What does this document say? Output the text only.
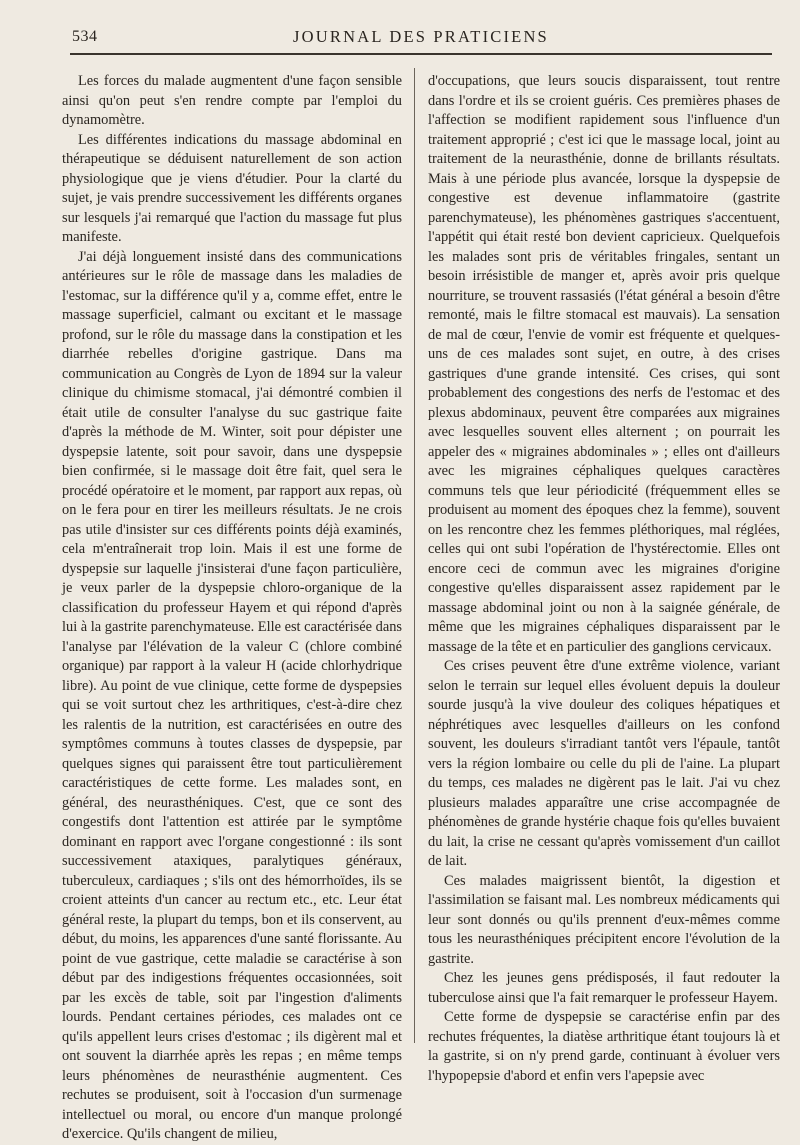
534	JOURNAL DES PRATICIENS

Les forces du malade augmentent d'une façon sensible ainsi qu'on peut s'en rendre compte par l'emploi du dynamomètre.

Les différentes indications du massage abdominal en thérapeutique se déduisent naturellement de son action physiologique que je viens d'étudier. Pour la clarté du sujet, je vais prendre successivement les différents organes sur lesquels j'ai remarqué que l'action du massage fut plus manifeste.

J'ai déjà longuement insisté dans des communications antérieures sur le rôle de massage dans les maladies de l'estomac, sur la différence qu'il y a, comme effet, entre le massage superficiel, calmant ou excitant et le massage profond, sur le rôle du massage dans la constipation et les diarrhée rebelles d'origine gastrique. Dans ma communication au Congrès de Lyon de 1894 sur la valeur clinique du chimisme stomacal, j'ai démontré combien il était utile de consulter l'analyse du suc gastrique faite d'après la méthode de M. Winter, soit pour dépister une dyspepsie latente, soit pour savoir, dans une dyspepsie bien confirmée, si le massage doit être fait, quel sera le procédé opératoire et le moment, par rapport aux repas, où on le fera pour en tirer les meilleurs résultats. Je ne crois pas utile d'insister sur ces différents points déjà examinés, cela m'entraînerait trop loin. Mais il est une forme de dyspepsie sur laquelle j'insisterai d'une façon particulière, je veux parler de la dyspepsie chloro-organique de la classification du professeur Hayem et qui répond d'après lui à la gastrite parenchymateuse. Elle est caractérisée dans l'analyse par l'élévation de la valeur C (chlore combiné organique) par rapport à la valeur H (acide chlorhydrique libre). Au point de vue clinique, cette forme de dyspepsies qui se voit surtout chez les arthritiques, c'est-à-dire chez les ralentis de la nutrition, est caractérisées en outre des symptômes communs à toutes classes de dyspepsie, par quelques signes qui paraissent être tout particulièrement caractéristiques de cette forme. Les malades sont, en général, des neurasthéniques. C'est, que ce sont des congestifs dont l'attention est attirée par le symptôme dominant en rapport avec l'organe congestionné : ils sont successivement ataxiques, paralytiques généraux, tuberculeux, cardiaques ; s'ils ont des hémorrhoïdes, ils se croient atteints d'un cancer au rectum etc., etc. Leur état général reste, la plupart du temps, bon et ils conservent, au début, du moins, les apparences d'une santé florissante. Au point de vue gastrique, cette maladie se caractérise à son début par des indigestions fréquentes occasionnées, soit par les excès de table, soit par l'ingestion d'aliments lourds. Pendant certaines périodes, ces malades ont ce qu'ils appellent leurs crises d'estomac ; ils digèrent mal et ont souvent la diarrhée après les repas ; en même temps leurs phénomènes de neurasthénie augmentent. Ces rechutes se produisent, soit à l'occasion d'un surmenage intellectuel ou moral, ou encore d'un manque prolongé d'exercice. Qu'ils changent de milieu,

d'occupations, que leurs soucis disparaissent, tout rentre dans l'ordre et ils se croient guéris. Ces premières phases de l'affection se modifient rapidement sous l'influence d'un traitement approprié ; c'est ici que le massage local, joint au traitement de la neurasthénie, donne de brillants résultats. Mais à une période plus avancée, lorsque la dyspepsie de congestive est devenue inflammatoire (gastrite parenchymateuse), les phénomènes gastriques s'accentuent, l'appétit qui était resté bon devient capricieux. Quelquefois les malades sont pris de véritables fringales, sentant un besoin irrésistible de manger et, après avoir pris quelque nourriture, se trouvent rassasiés (l'état général a besoin d'être remonté, mais le filtre stomacal est mauvais). La sensation de mal de cœur, l'envie de vomir est fréquente et quelques-uns de ces malades sont sujet, en outre, à des crises gastriques d'une grande intensité. Ces crises, qui sont probablement des congestions des nerfs de l'estomac et des plexus abdominaux, peuvent être comparées aux migraines avec lesquelles souvent elles alternent ; on pourrait les appeler des « migraines abdominales » ; elles ont d'ailleurs avec les migraines céphaliques quelques caractères communs tels que leur périodicité (fréquemment elles se produisent au moment des époques chez la femme), souvent on les rencontre chez les femmes pléthoriques, mal réglées, celles qui ont subi l'opération de l'hystérectomie. Elles ont encore ceci de commun avec les migraines d'origine congestive qu'elles disparaissent assez rapidement par le massage abdominal joint ou non à la saignée générale, de même que les migraines céphaliques disparaissent par le massage de la tête et en particulier des ganglions cervicaux.

Ces crises peuvent être d'une extrême violence, variant selon le terrain sur lequel elles évoluent depuis la douleur sourde jusqu'à la vive douleur des coliques hépatiques et néphrétiques avec lesquelles d'ailleurs on les confond souvent, les douleurs s'irradiant tantôt vers l'épaule, tantôt vers la région lombaire ou celle du pli de l'aine. La plupart du temps, ces malades ne digèrent pas le lait. J'ai vu chez plusieurs malades apparaître une crise accompagnée de phénomènes de grande hystérie chaque fois qu'elles buvaient du lait, la crise ne cessant qu'après vomissement d'un caillot de lait.

Ces malades maigrissent bientôt, la digestion et l'assimilation se faisant mal. Les nombreux médicaments qui leur sont donnés ou qu'ils prennent d'eux-mêmes comme tous les neurasthéniques précipitent encore l'évolution de la gastrite.

Chez les jeunes gens prédisposés, il faut redouter la tuberculose ainsi que l'a fait remarquer le professeur Hayem.

Cette forme de dyspepsie se caractérise enfin par des rechutes fréquentes, la diatèse arthritique étant toujours là et la gastrite, si on n'y prend garde, continuant à évoluer vers l'hypopepsie d'abord et enfin vers l'apepsie avec
